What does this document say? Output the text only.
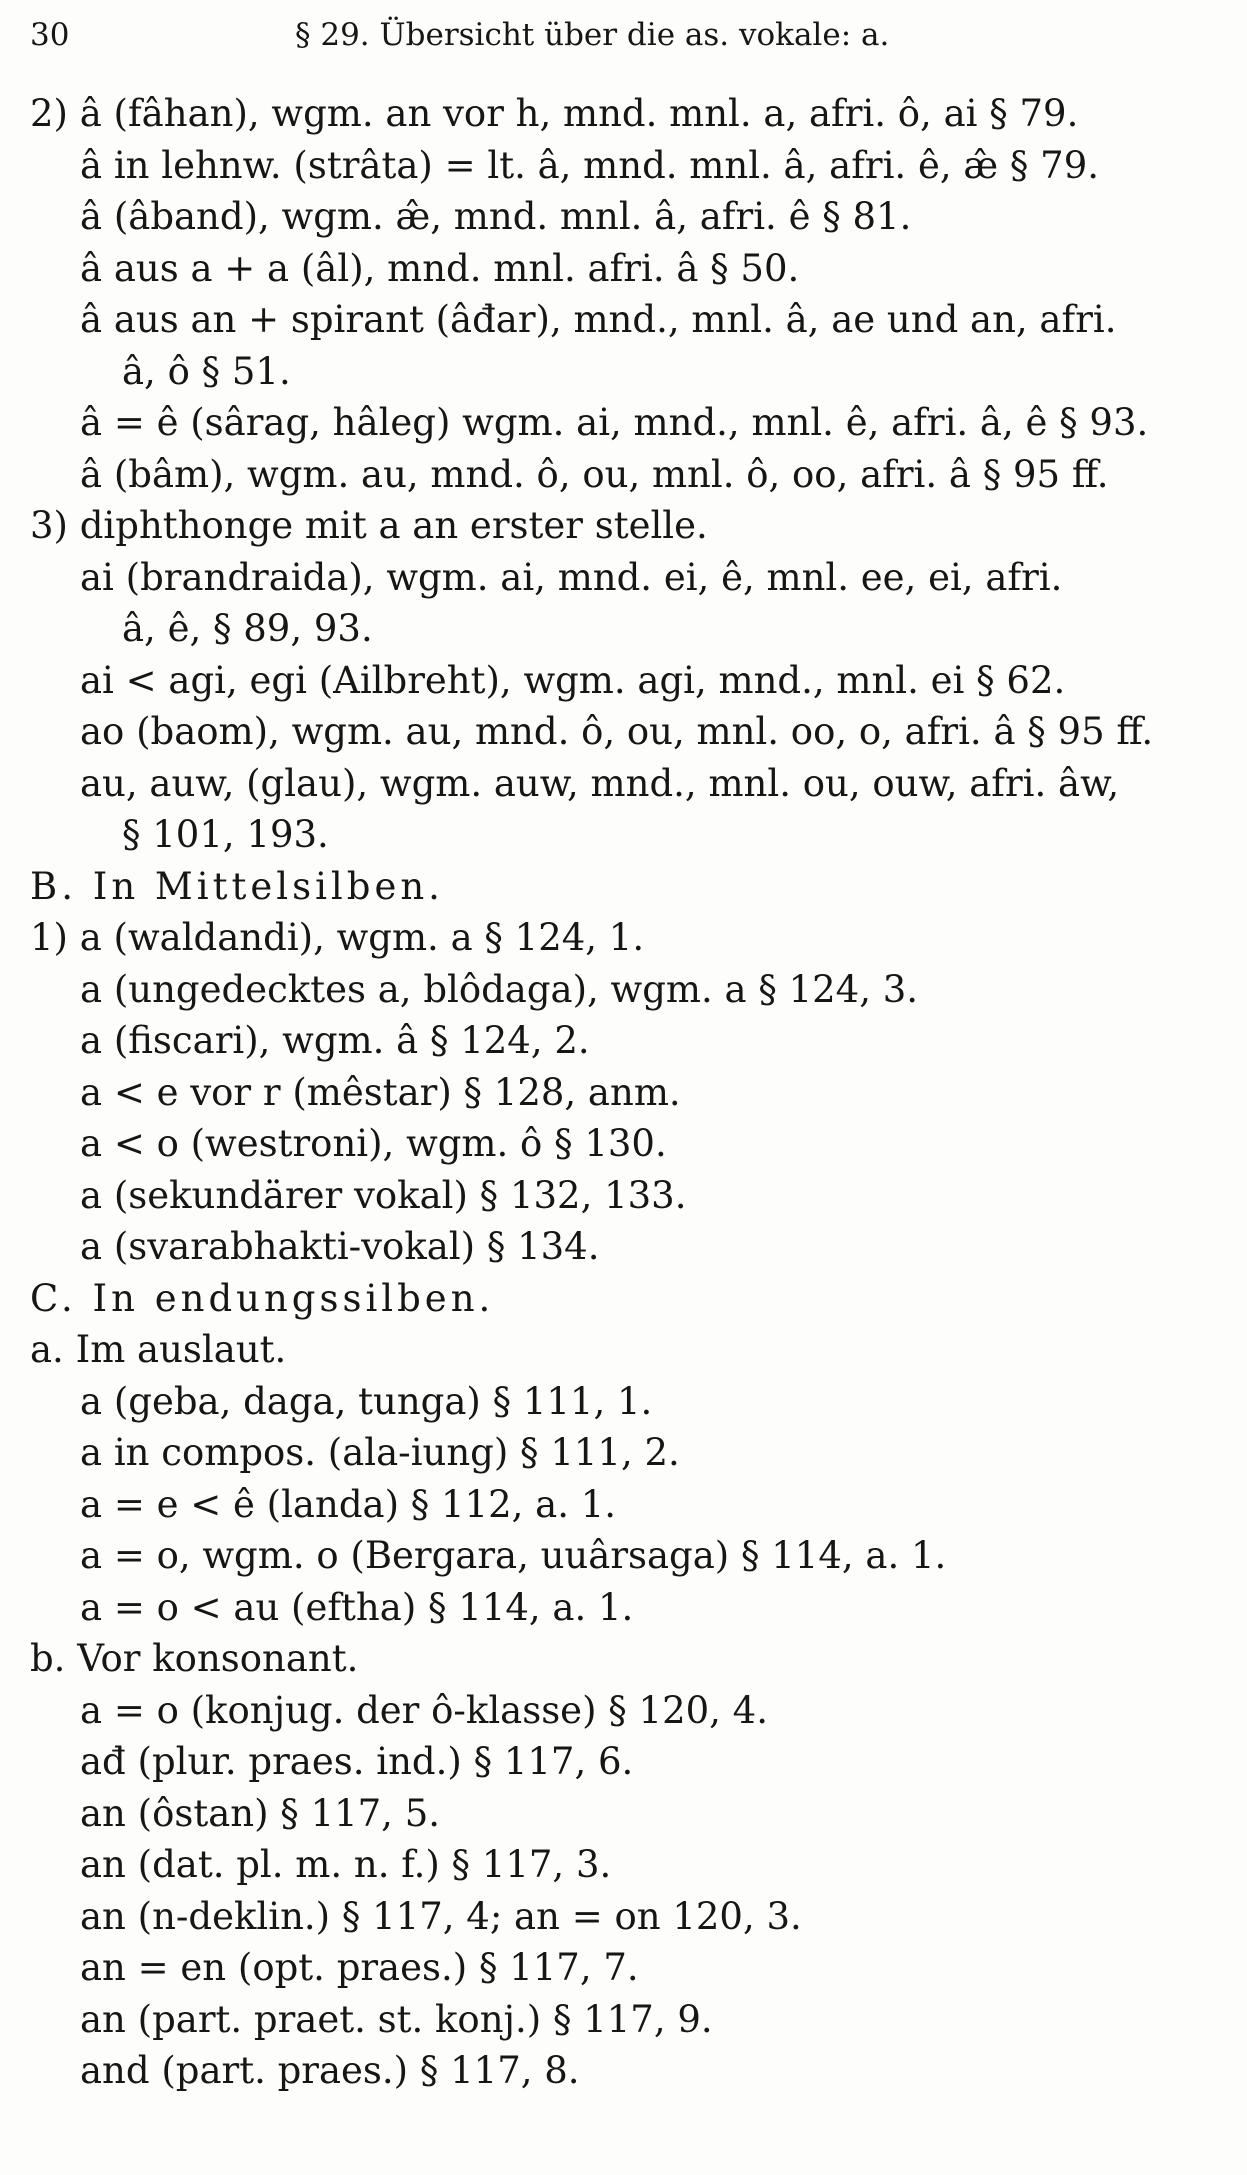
30	§ 29. Übersicht über die as. vokale: a.
2) â (fâhan), wgm. an vor h, mnd. mnl. a, afri. ô, ai § 79.
â in lehnw. (strâta) = lt. â, mnd. mnl. â, afri. ê, æ̂ § 79.
â (âband), wgm. æ̂, mnd. mnl. â, afri. ê § 81.
â aus a + a (âl), mnd. mnl. afri. â § 50.
â aus an + spirant (âđar), mnd., mnl. â, ae und an, afri.
â, ô § 51.
â = ê (sârag, hâleg) wgm. ai, mnd., mnl. ê, afri. â, ê § 93.
â (bâm), wgm. au, mnd. ô, ou, mnl. ô, oo, afri. â § 95 ff.
3) diphthonge mit a an erster stelle.
ai (brandraida), wgm. ai, mnd. ei, ê, mnl. ee, ei, afri.
â, ê, § 89, 93.
ai < agi, egi (Ailbreht), wgm. agi, mnd., mnl. ei § 62.
ao (baom), wgm. au, mnd. ô, ou, mnl. oo, o, afri. â § 95 ff.
au, auw, (glau), wgm. auw, mnd., mnl. ou, ouw, afri. âw,
§ 101, 193.
B. In Mittelsilben.
1) a (waldandi), wgm. a § 124, 1.
a (ungedecktes a, blôdaga), wgm. a § 124, 3.
a (fiscari), wgm. â § 124, 2.
a < e vor r (mêstar) § 128, anm.
a < o (westroni), wgm. ô § 130.
a (sekundärer vokal) § 132, 133.
a (svarabhakti-vokal) § 134.
C. In endungssilben.
a. Im auslaut.
a (geba, daga, tunga) § 111, 1.
a in compos. (ala-iung) § 111, 2.
a = e < ê (landa) § 112, a. 1.
a = o, wgm. o (Bergara, uuârsaga) § 114, a. 1.
a = o < au (eftha) § 114, a. 1.
b. Vor konsonant.
a = o (konjug. der ô-klasse) § 120, 4.
ađ (plur. praes. ind.) § 117, 6.
an (ôstan) § 117, 5.
an (dat. pl. m. n. f.) § 117, 3.
an (n-deklin.) § 117, 4; an = on 120, 3.
an = en (opt. praes.) § 117, 7.
an (part. praet. st. konj.) § 117, 9.
and (part. praes.) § 117, 8.
